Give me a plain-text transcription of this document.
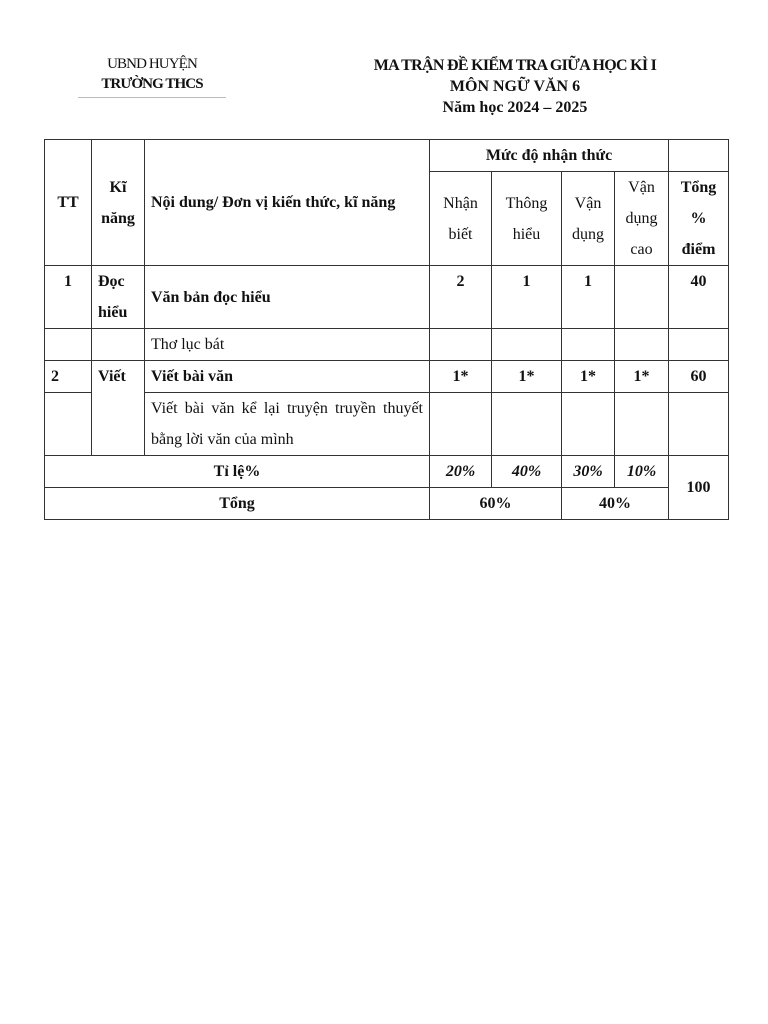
UBND HUYỆN
TRƯỜNG THCS
MA TRẬN ĐỀ KIỂM TRA GIỮA HỌC KÌ I
MÔN NGỮ VĂN 6
Năm học 2024 – 2025
TT	Kĩ năng	Nội dung/ Đơn vị kiến thức, kĩ năng	Mức độ nhận thức				
			Nhận biết	Thông hiểu	Vận dụng	Vận dụng cao	Tổng % điểm
1	Đọc hiểu	Văn bản đọc hiểu	2	1	1		40
		Thơ lục bát					
2	Viết	Viết bài văn	1*	1*	1*	1*	60
		Viết bài văn kể lại truyện truyền thuyết bằng lời văn của mình					
Tỉ lệ%			20%	40%	30%	10%	100
Tổng			60%		40%		
